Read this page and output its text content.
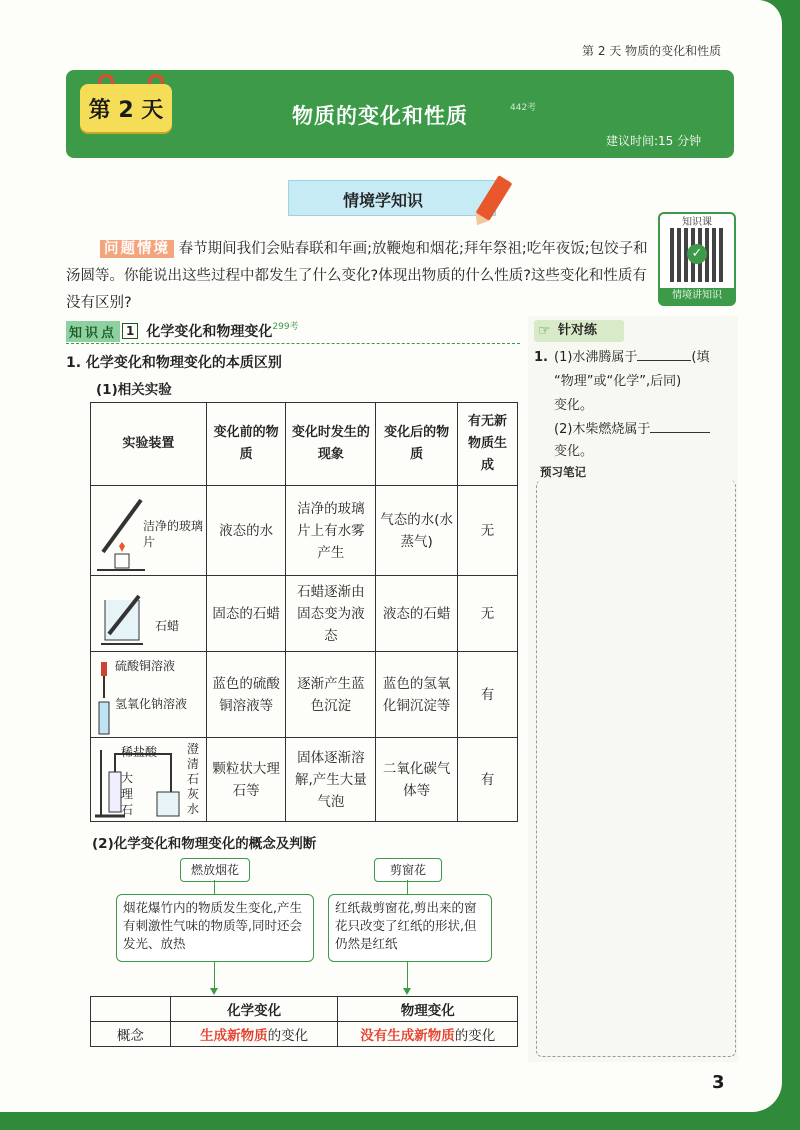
第 2 天 物质的变化和性质
第 2 天	物质的变化和性质	442考
建议时间:15 分钟
情境学知识
知识课
✓
情境讲知识
问题情境 春节期间我们会贴春联和年画;放鞭炮和烟花;拜年祭祖;吃年夜饭;包饺子和汤圆等。你能说出这些过程中都发生了什么变化?体现出物质的什么性质?这些变化和性质有没有区别?
知识点 1 化学变化和物理变化 299考
1. 化学变化和物理变化的本质区别
(1)相关实验
实验装置	变化前的物质	变化时发生的现象	变化后的物质	有无新物质生成

洁净的玻璃片	液态的水	洁净的玻璃片上有水雾产生	气态的水(水蒸气)	无

石蜡	固态的石蜡	石蜡逐渐由固态变为液态	液态的石蜡	无

硫酸铜溶液
氢氧化钠溶液	蓝色的硫酸铜溶液等	逐渐产生蓝色沉淀	蓝色的氢氧化铜沉淀等	有

稀盐酸
大理石
澄清石灰水	颗粒状大理石等	固体逐渐溶解,产生大量气泡	二氧化碳气体等	有
(2)化学变化和物理变化的概念及判断
燃放烟花
烟花爆竹内的物质发生变化,产生有刺激性气味的物质等,同时还会发光、放热
剪窗花
红纸裁剪窗花,剪出来的窗花只改变了红纸的形状,但仍然是红纸
	化学变化	物理变化
概念	生成新物质的变化	没有生成新物质的变化
☞ 针对练
1. (1)水沸腾属于	(填
“物理”或“化学”,后同)
变化。
(2)木柴燃烧属于
变化。
预习笔记
3
